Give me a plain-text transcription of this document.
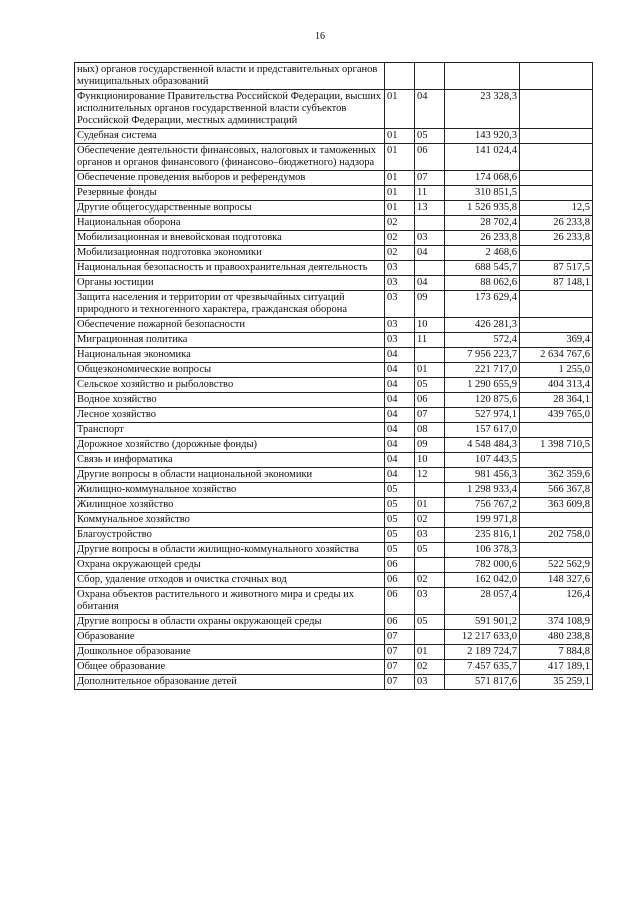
16
ных) органов государственной власти и представительных органов муниципальных образований				
Функционирование Правительства Российской Федерации, высших исполнительных органов государственной власти субъектов Российской Федерации, местных администраций	01	04	23 328,3	
Судебная система	01	05	143 920,3	
Обеспечение деятельности финансовых, налоговых и таможенных органов и органов финансового (финансово–бюджетного) надзора	01	06	141 024,4	
Обеспечение проведения выборов и референдумов	01	07	174 068,6	
Резервные фонды	01	11	310 851,5	
Другие общегосударственные вопросы	01	13	1 526 935,8	12,5
Национальная оборона	02		28 702,4	26 233,8
Мобилизационная и вневойсковая подготовка	02	03	26 233,8	26 233,8
Мобилизационная подготовка экономики	02	04	2 468,6	
Национальная безопасность и правоохранительная деятельность	03		688 545,7	87 517,5
Органы юстиции	03	04	88 062,6	87 148,1
Защита населения и территории от чрезвычайных ситуаций природного и техногенного характера, гражданская оборона	03	09	173 629,4	
Обеспечение пожарной безопасности	03	10	426 281,3	
Миграционная политика	03	11	572,4	369,4
Национальная экономика	04		7 956 223,7	2 634 767,6
Общеэкономические вопросы	04	01	221 717,0	1 255,0
Сельское хозяйство и рыболовство	04	05	1 290 655,9	404 313,4
Водное хозяйство	04	06	120 875,6	28 364,1
Лесное хозяйство	04	07	527 974,1	439 765,0
Транспорт	04	08	157 617,0	
Дорожное хозяйство (дорожные фонды)	04	09	4 548 484,3	1 398 710,5
Связь и информатика	04	10	107 443,5	
Другие вопросы в области национальной экономики	04	12	981 456,3	362 359,6
Жилищно-коммунальное хозяйство	05		1 298 933,4	566 367,8
Жилищное хозяйство	05	01	756 767,2	363 609,8
Коммунальное хозяйство	05	02	199 971,8	
Благоустройство	05	03	235 816,1	202 758,0
Другие вопросы в области жилищно-коммунального хозяйства	05	05	106 378,3	
Охрана окружающей среды	06		782 000,6	522 562,9
Сбор, удаление отходов и очистка сточных вод	06	02	162 042,0	148 327,6
Охрана объектов растительного и животного мира и среды их обитания	06	03	28 057,4	126,4
Другие вопросы в области охраны окружающей среды	06	05	591 901,2	374 108,9
Образование	07		12 217 633,0	480 238,8
Дошкольное образование	07	01	2 189 724,7	7 884,8
Общее образование	07	02	7 457 635,7	417 189,1
Дополнительное образование детей	07	03	571 817,6	35 259,1
